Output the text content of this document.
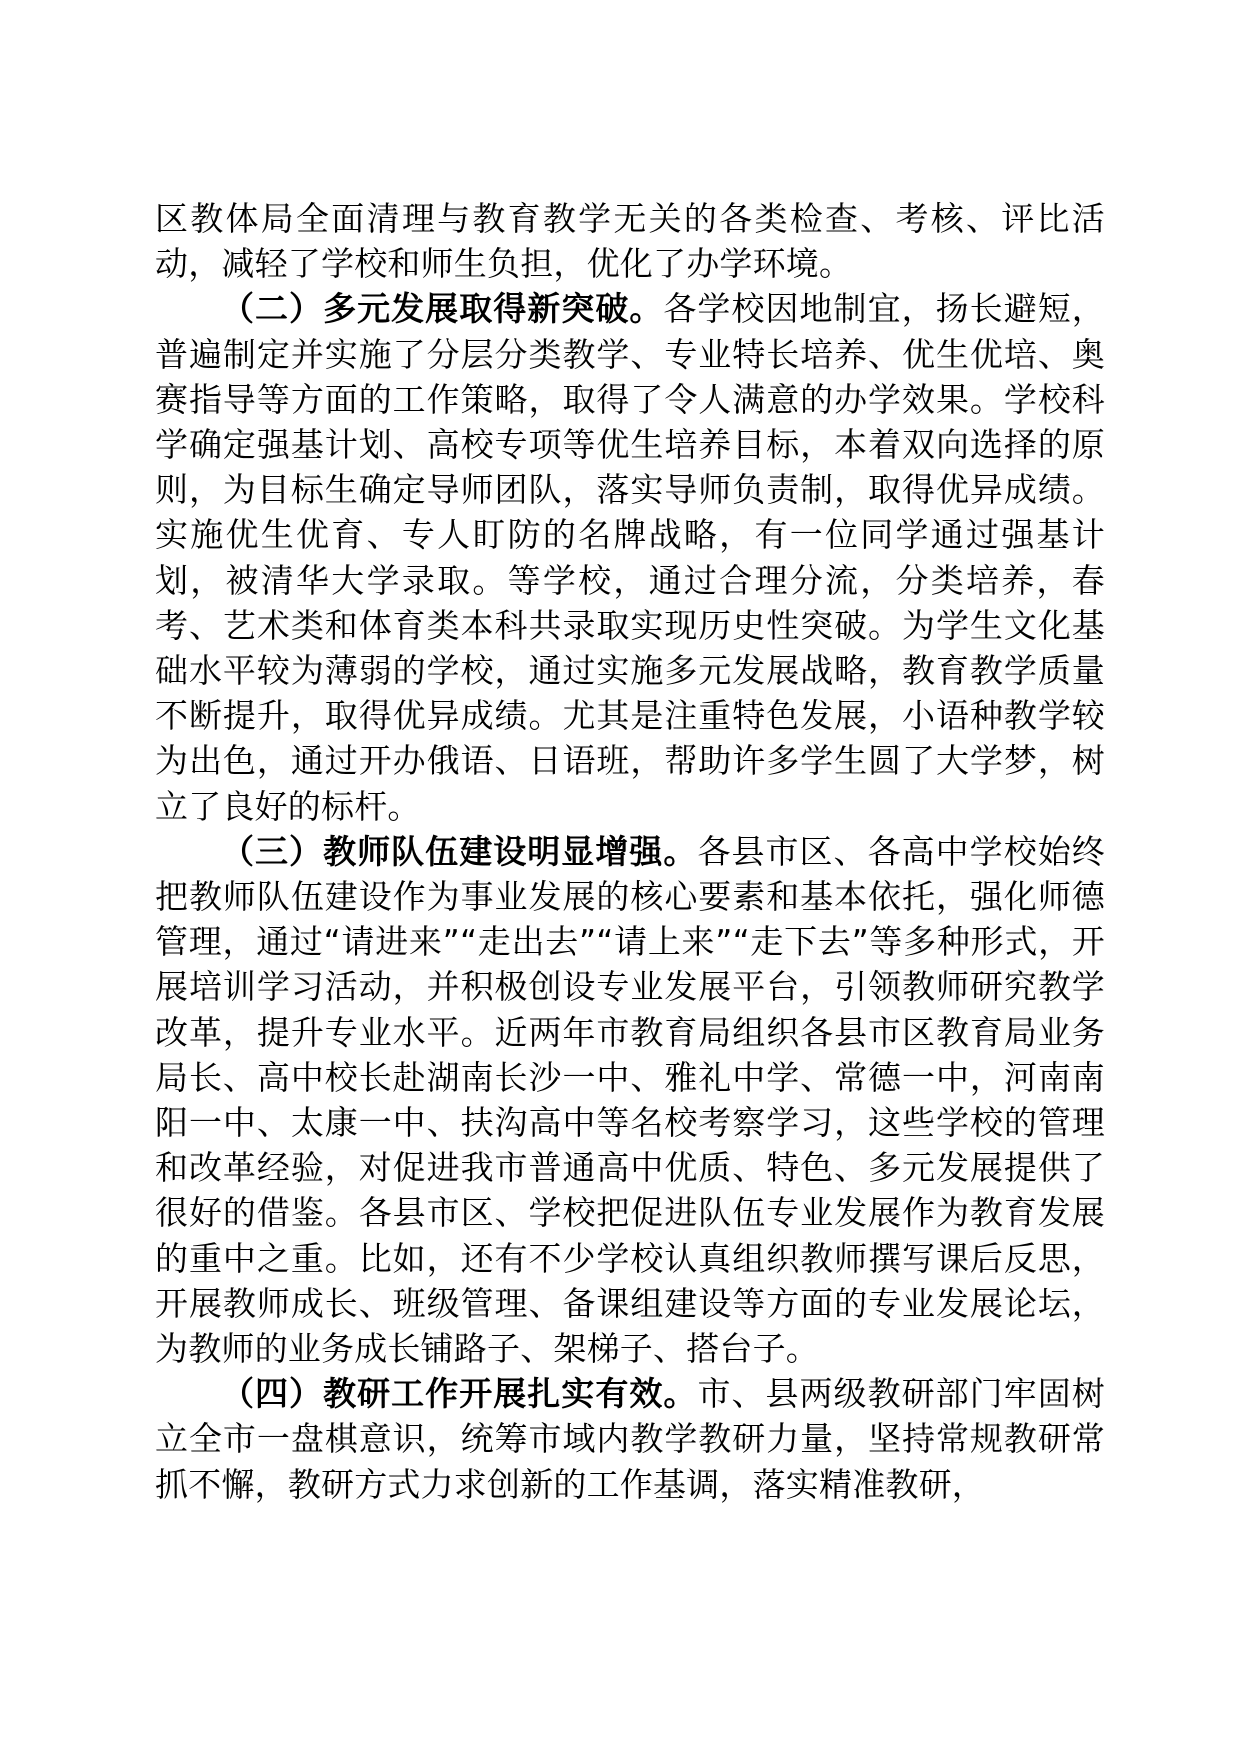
区教体局全面清理与教育教学无关的各类检查、考核、评比活动，减轻了学校和师生负担，优化了办学环境。

（二）多元发展取得新突破。各学校因地制宜，扬长避短，普遍制定并实施了分层分类教学、专业特长培养、优生优培、奥赛指导等方面的工作策略，取得了令人满意的办学效果。学校科学确定强基计划、高校专项等优生培养目标，本着双向选择的原则，为目标生确定导师团队，落实导师负责制，取得优异成绩。实施优生优育、专人盯防的名牌战略，有一位同学通过强基计划，被清华大学录取。等学校，通过合理分流，分类培养，春考、艺术类和体育类本科共录取实现历史性突破。为学生文化基础水平较为薄弱的学校，通过实施多元发展战略，教育教学质量不断提升，取得优异成绩。尤其是注重特色发展，小语种教学较为出色，通过开办俄语、日语班，帮助许多学生圆了大学梦，树立了良好的标杆。

（三）教师队伍建设明显增强。各县市区、各高中学校始终把教师队伍建设作为事业发展的核心要素和基本依托，强化师德管理，通过“请进来”“走出去”“请上来”“走下去”等多种形式，开展培训学习活动，并积极创设专业发展平台，引领教师研究教学改革，提升专业水平。近两年市教育局组织各县市区教育局业务局长、高中校长赴湖南长沙一中、雅礼中学、常德一中，河南南阳一中、太康一中、扶沟高中等名校考察学习，这些学校的管理和改革经验，对促进我市普通高中优质、特色、多元发展提供了很好的借鉴。各县市区、学校把促进队伍专业发展作为教育发展的重中之重。比如，还有不少学校认真组织教师撰写课后反思，开展教师成长、班级管理、备课组建设等方面的专业发展论坛，为教师的业务成长铺路子、架梯子、搭台子。

（四）教研工作开展扎实有效。市、县两级教研部门牢固树立全市一盘棋意识，统筹市域内教学教研力量，坚持常规教研常抓不懈，教研方式力求创新的工作基调，落实精准教研，
